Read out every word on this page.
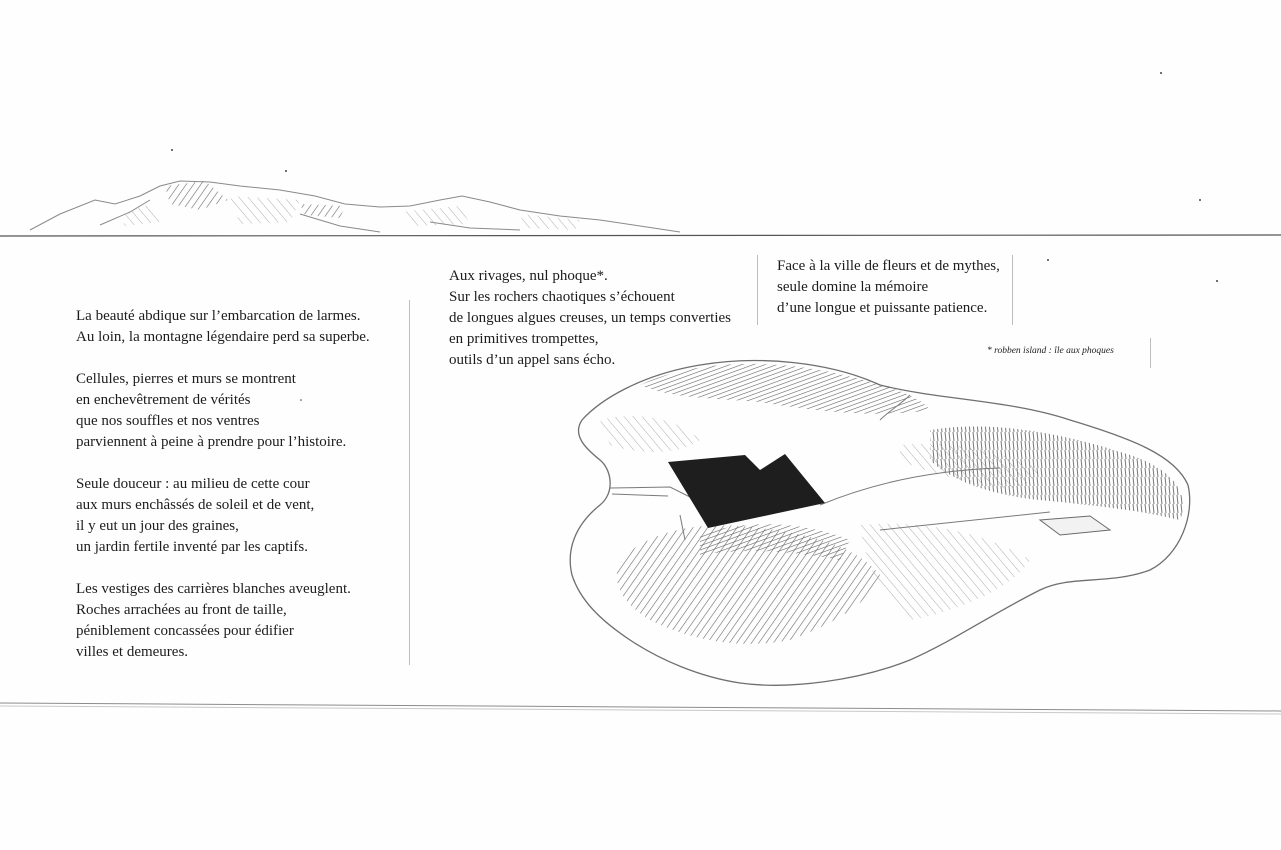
La beauté abdique sur l’embarcation de larmes.
Au loin, la montagne légendaire perd sa superbe.
Cellules, pierres et murs se montrent
en enchevêtrement de vérités
que nos souffles et nos ventres
parviennent à peine à prendre pour l’histoire.
Seule douceur : au milieu de cette cour
aux murs enchâssés de soleil et de vent,
il y eut un jour des graines,
un jardin fertile inventé par les captifs.
Les vestiges des carrières blanches aveuglent.
Roches arrachées au front de taille,
péniblement concassées pour édifier
villes et demeures.
Aux rivages, nul phoque*.
Sur les rochers chaotiques s’échouent
de longues algues creuses, un temps converties
en primitives trompettes,
outils d’un appel sans écho.
Face à la ville de fleurs et de mythes,
seule domine la mémoire
d’une longue et puissante patience.
* robben island : île aux phoques
